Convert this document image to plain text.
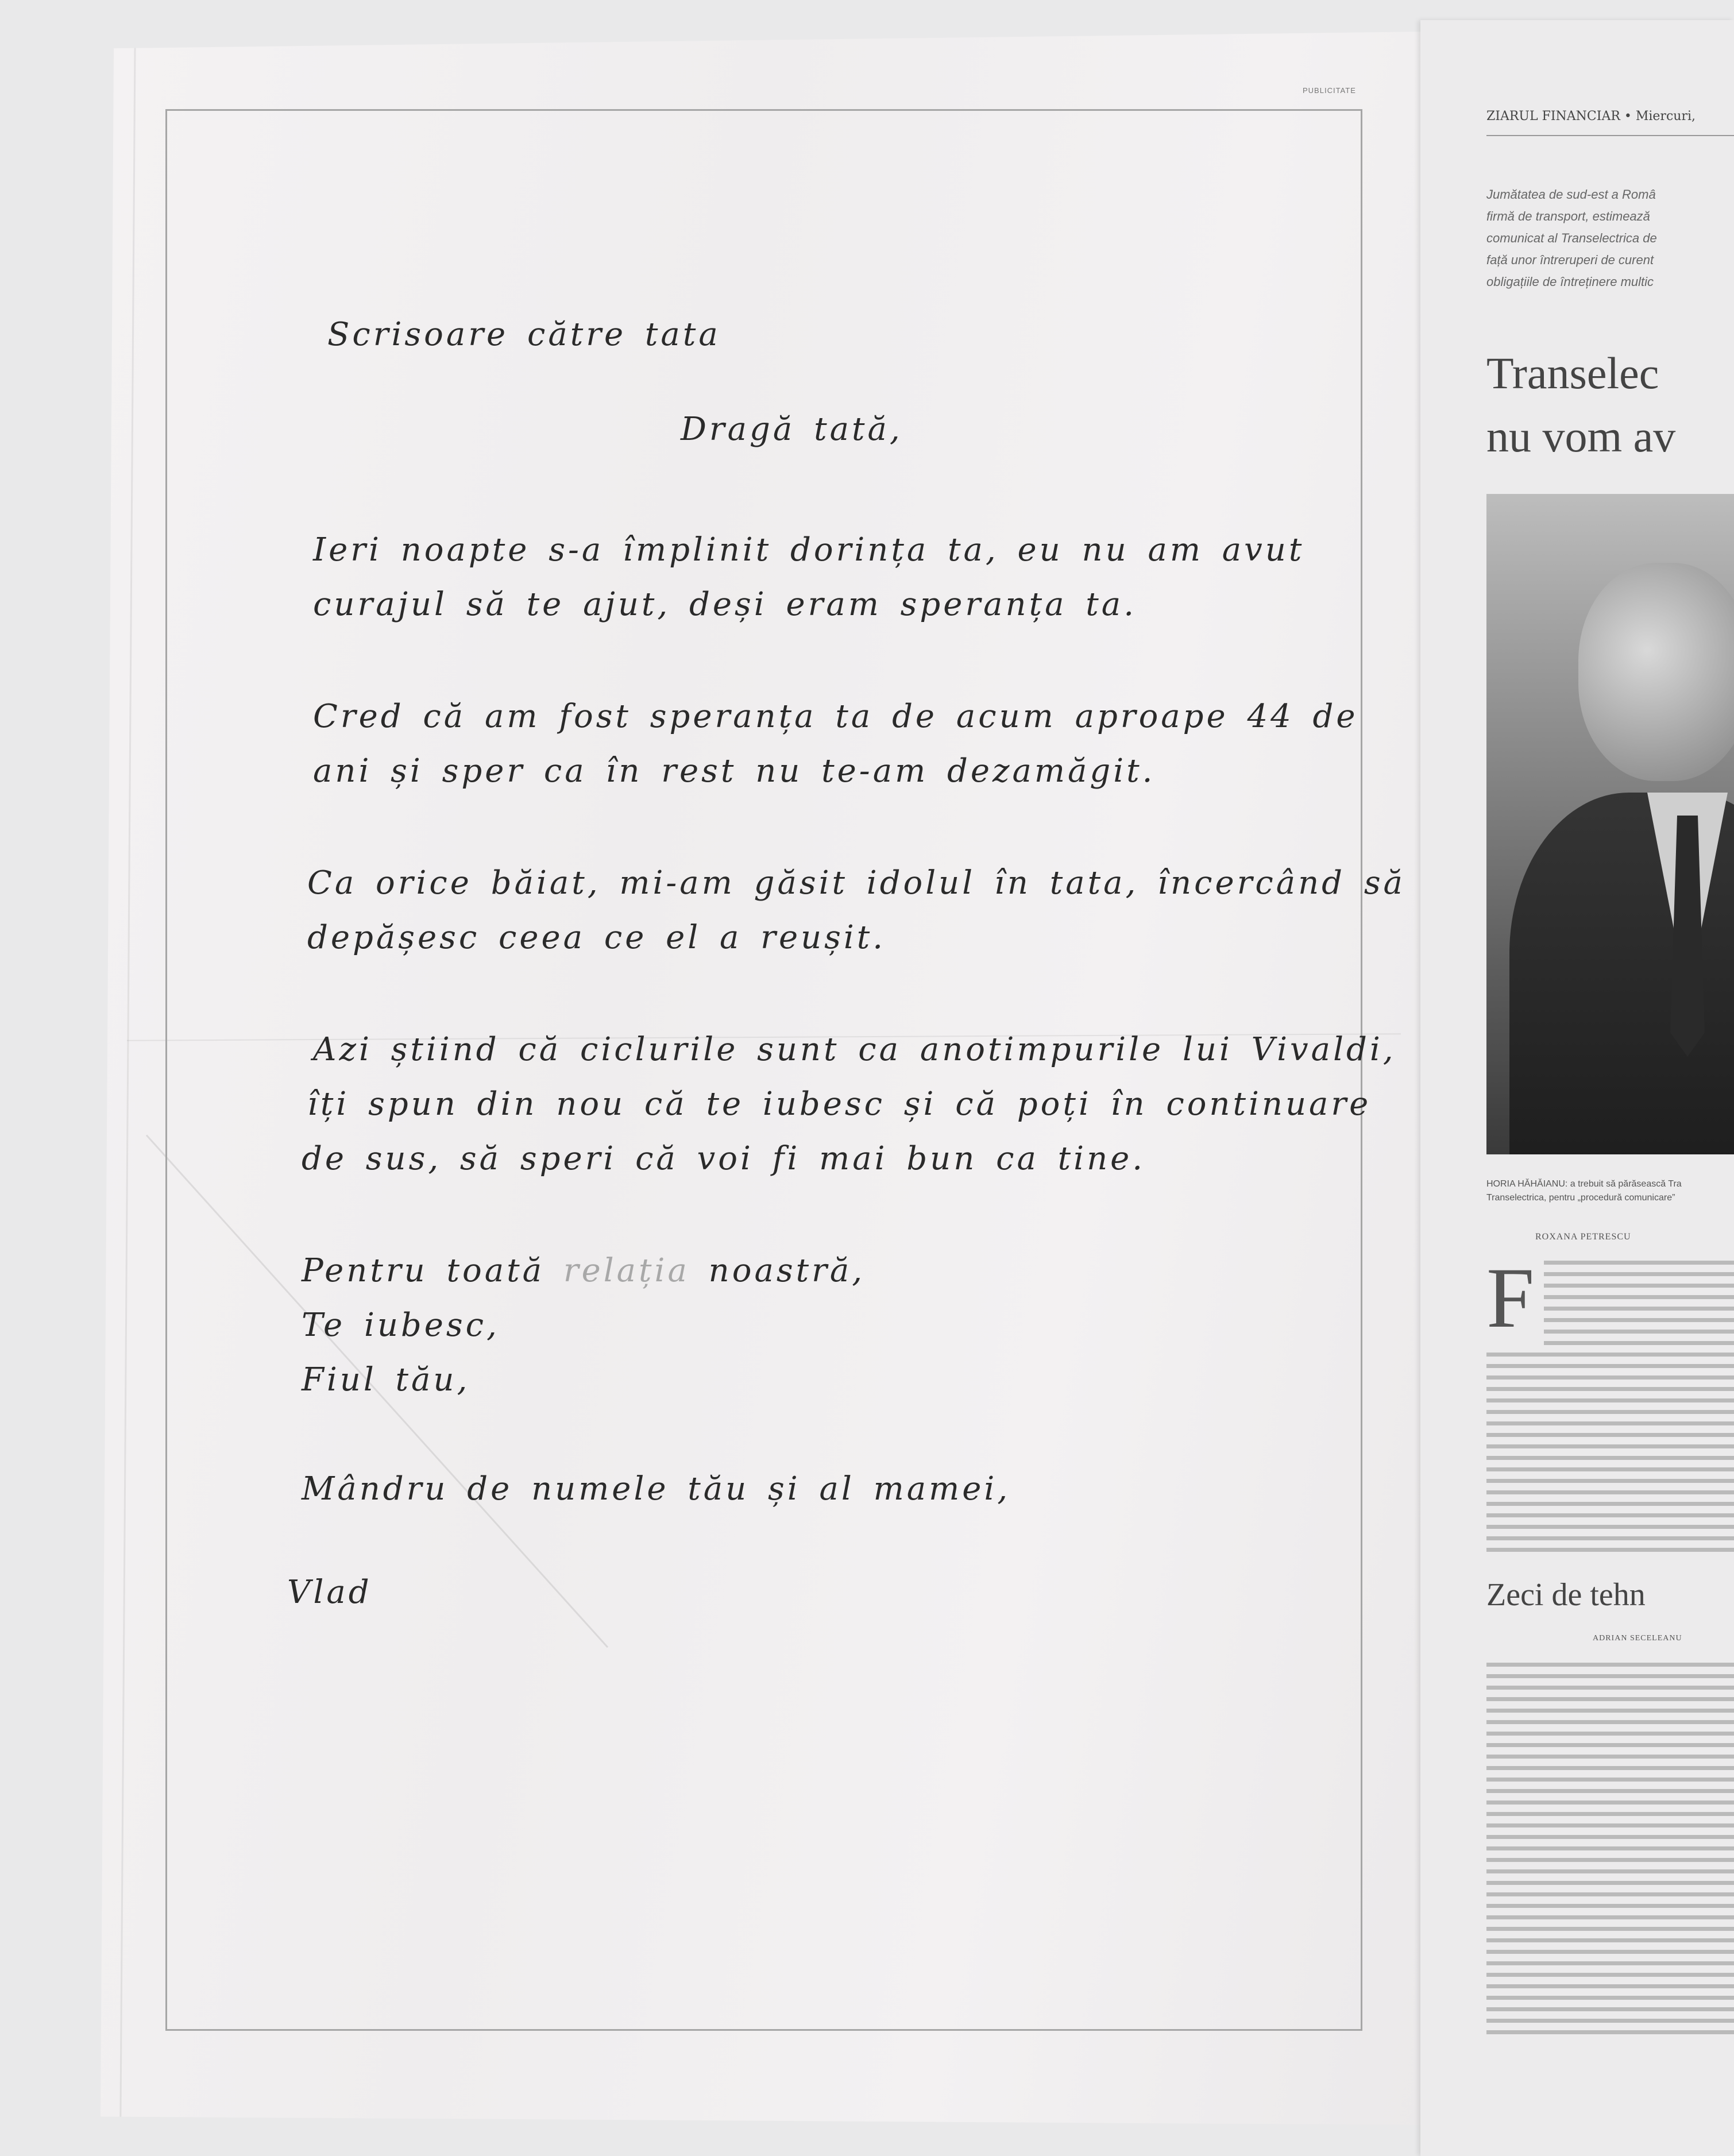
PUBLICITATE
Scrisoare către tata
Dragă tată,
Ieri noapte s-a împlinit dorința ta, eu nu am avut
curajul să te ajut, deși eram speranța ta.
Cred că am fost speranța ta de acum aproape 44 de
ani și sper ca în rest nu te-am dezamăgit.
Ca orice băiat, mi-am găsit idolul în tata, încercând să
depășesc ceea ce el a reușit.
Azi știind că ciclurile sunt ca anotimpurile lui Vivaldi,
îți spun din nou că te iubesc și că poți în continuare
de sus, să speri că voi fi mai bun ca tine.
Pentru toată relația noastră,
Te iubesc,
Fiul tău,
Mândru de numele tău și al mamei,
Vlad
ZIARUL FINANCIAR • Miercuri,
Jumătatea de sud-est a Româ
firmă de transport, estimează
comunicat al Transelectrica de
față unor întreruperi de curent
obligațiile de întreținere multic
Transelec
nu vom av
HORIA HĂHĂIANU: a trebuit să părăsească Tra
Transelectrica, pentru „procedură comunicare”
ROXANA PETRESCU
F
Zeci de tehn
ADRIAN SECELEANU
